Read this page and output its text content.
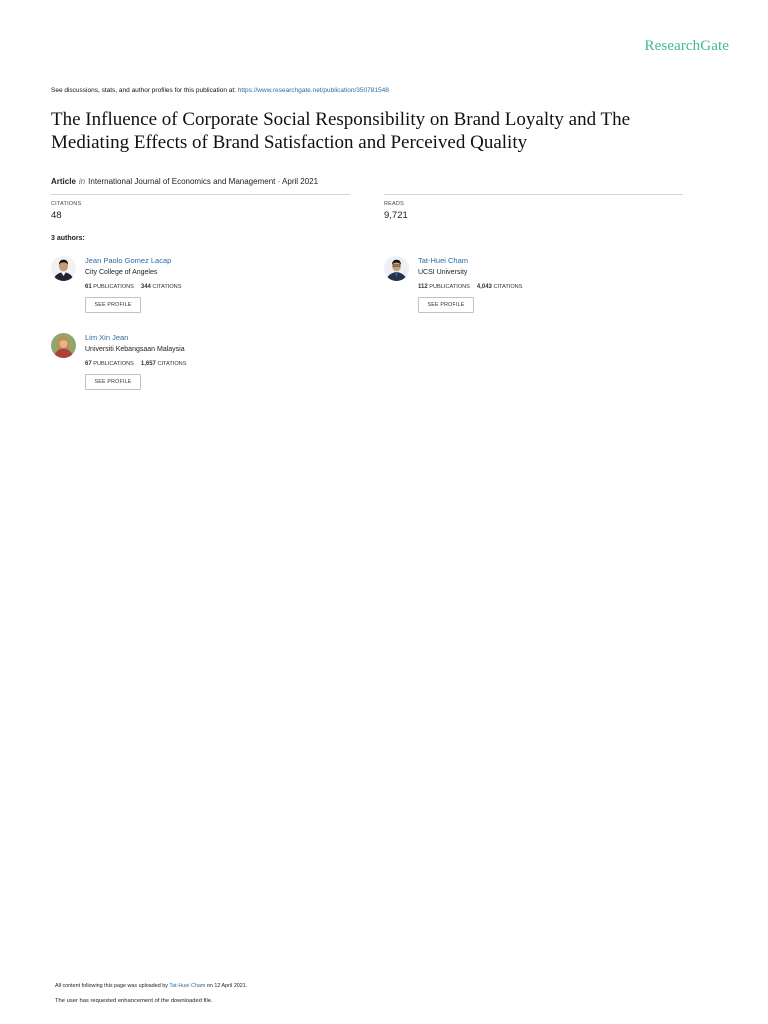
ResearchGate
See discussions, stats, and author profiles for this publication at: https://www.researchgate.net/publication/350781548
The Influence of Corporate Social Responsibility on Brand Loyalty and The Mediating Effects of Brand Satisfaction and Perceived Quality
Article in International Journal of Economics and Management · April 2021
CITATIONS
48
READS
9,721
3 authors:
Jean Paolo Gomez Lacap
City College of Angeles
61 PUBLICATIONS 344 CITATIONS
SEE PROFILE
Tat-Huei Cham
UCSI University
112 PUBLICATIONS 4,043 CITATIONS
SEE PROFILE
Lim Xin Jean
Universiti Kebangsaan Malaysia
67 PUBLICATIONS 1,657 CITATIONS
SEE PROFILE
All content following this page was uploaded by Tat-Huei Cham on 12 April 2021.
The user has requested enhancement of the downloaded file.
